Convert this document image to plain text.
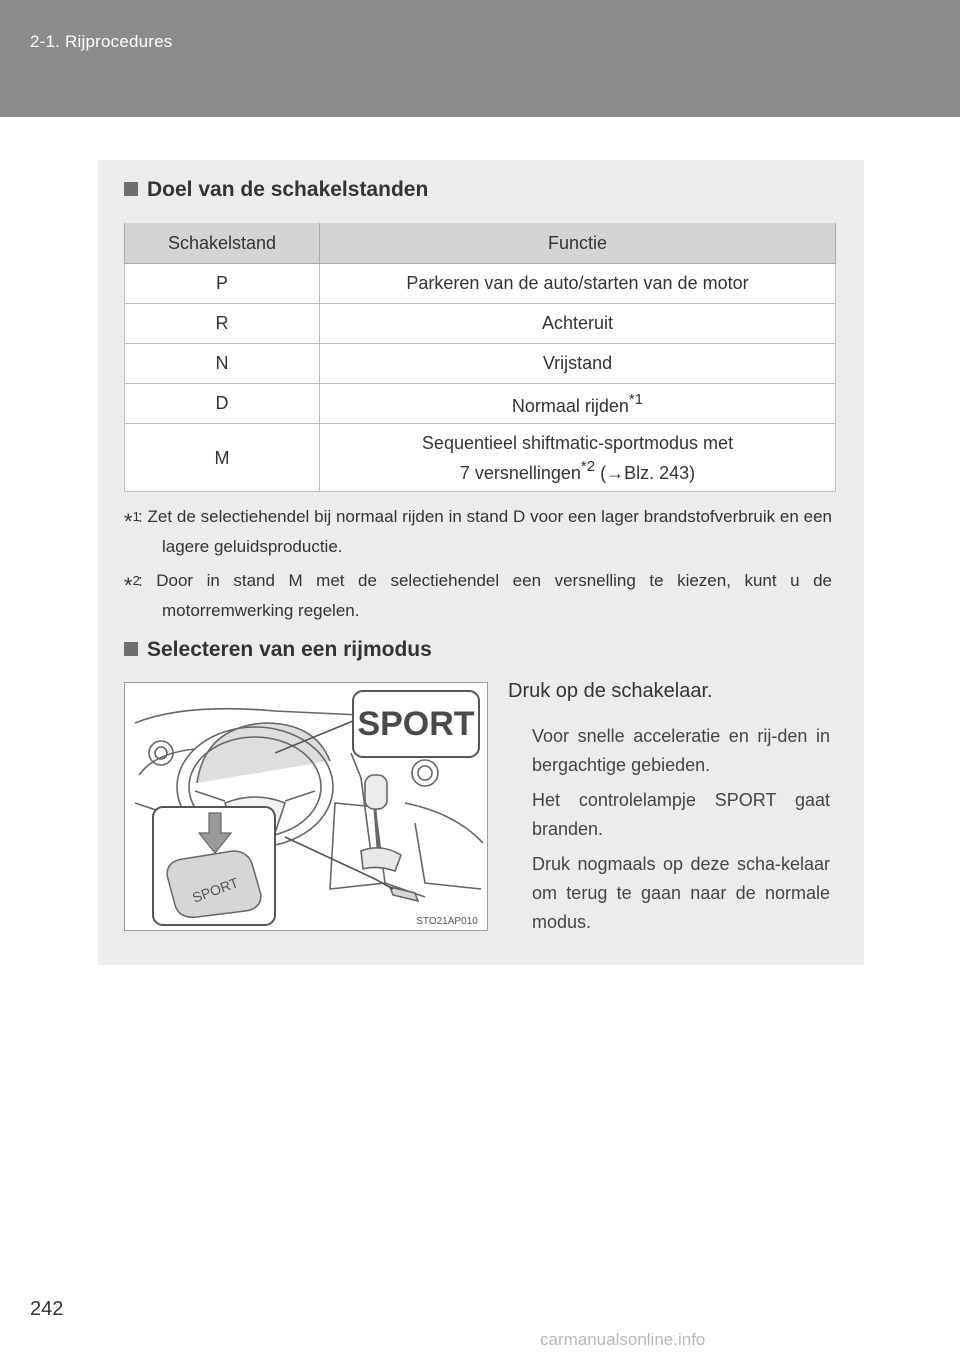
2-1. Rijprocedures
Doel van de schakelstanden
Schakelstand	Functie
P	Parkeren van de auto/starten van de motor
R	Achteruit
N	Vrijstand
D	Normaal rijden$^{*1}$
M	Sequentieel shiftmatic-sportmodus met
7 versnellingen$^{*2}$ (→Blz. 243)
*$^1$
: Zet de selectiehendel bij normaal rijden in stand D voor een lager brandstofverbruik en een lagere geluidsproductie.
*$^2$
: Door in stand M met de selectiehendel een versnelling te kiezen, kunt u de motorremwerking regelen.
Selecteren van een rijmodus
SPORT
SPORT
STO21AP010
Druk op de schakelaar.
Voor snelle acceleratie en rij-den in bergachtige gebieden.
Het controlelampje SPORT gaat branden.
Druk nogmaals op deze scha-kelaar om terug te gaan naar de normale modus.
242
carmanualsonline.info
